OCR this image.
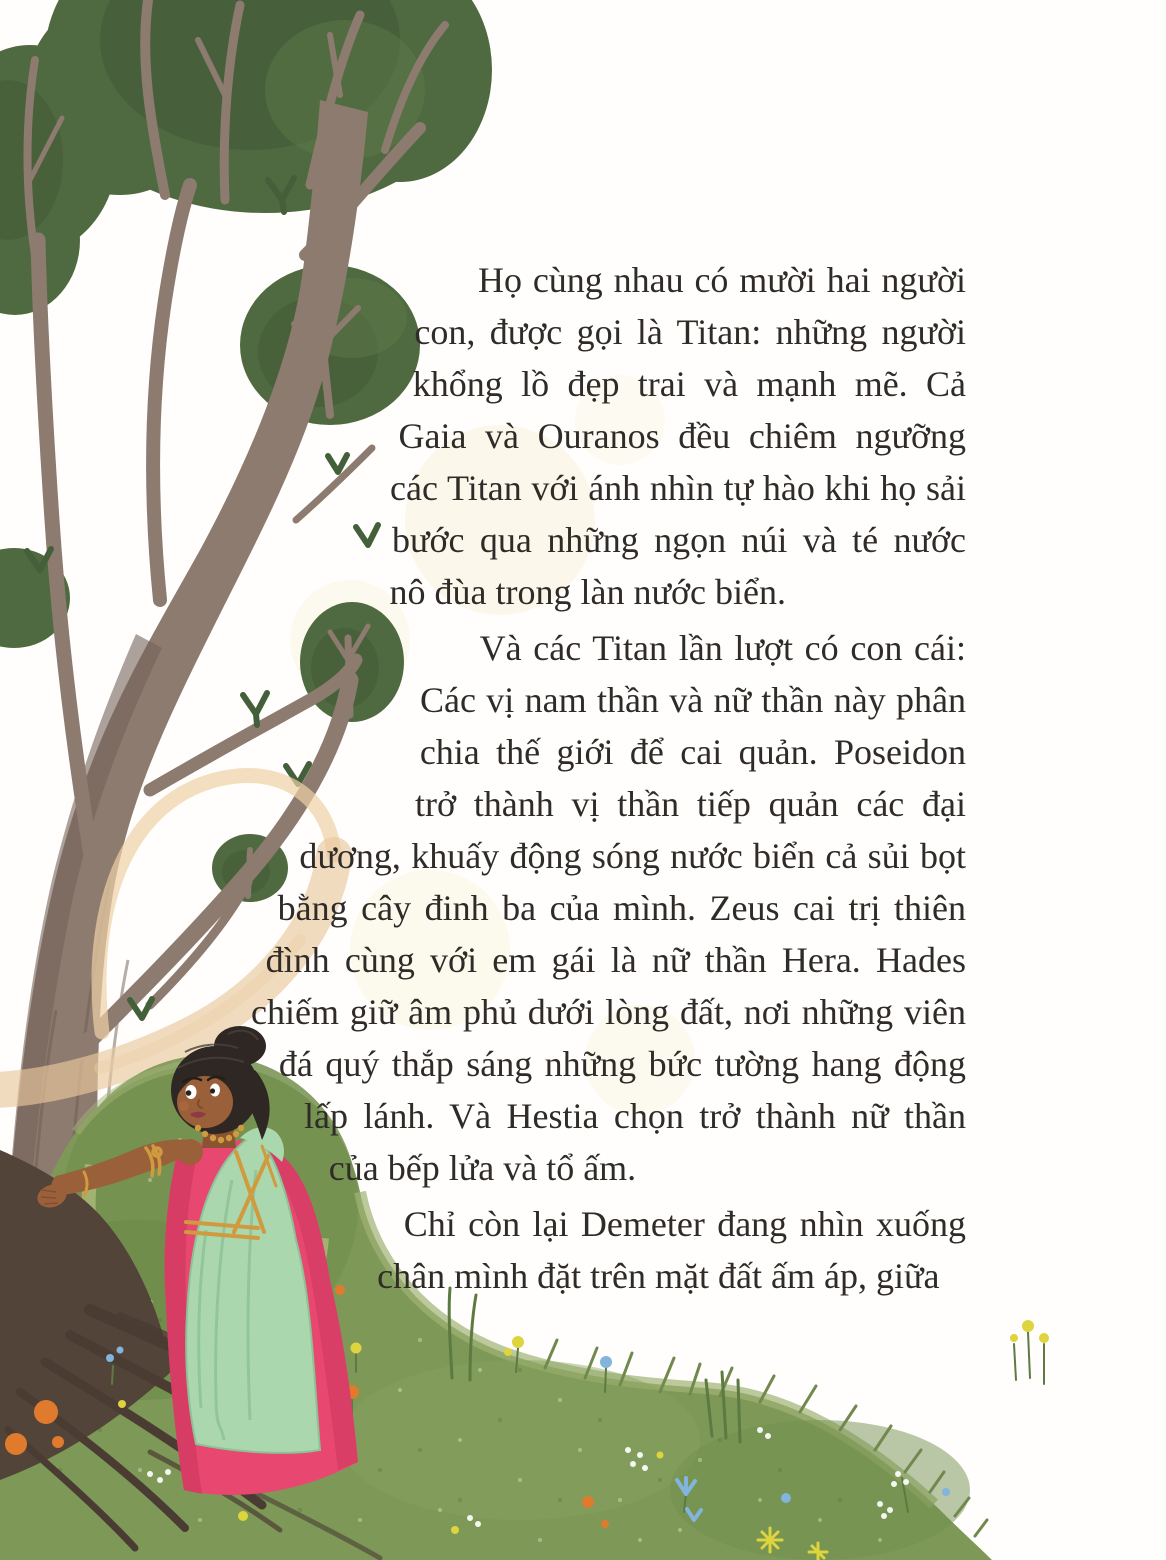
Họ cùng nhau có mười hai người con, được gọi là Titan: những người khổng lồ đẹp trai và mạnh mẽ. Cả Gaia và Ouranos đều chiêm ngưỡng các Titan với ánh nhìn tự hào khi họ sải bước qua những ngọn núi và té nước nô đùa trong làn nước biển.

Và các Titan lần lượt có con cái: Các vị nam thần và nữ thần này phân chia thế giới để cai quản. Poseidon trở thành vị thần tiếp quản các đại dương, khuấy động sóng nước biển cả sủi bọt bằng cây đinh ba của mình. Zeus cai trị thiên đình cùng với em gái là nữ thần Hera. Hades chiếm giữ âm phủ dưới lòng đất, nơi những viên đá quý thắp sáng những bức tường hang động lấp lánh. Và Hestia chọn trở thành nữ thần của bếp lửa và tổ ấm.

Chỉ còn lại Demeter đang nhìn xuống chân mình đặt trên mặt đất ấm áp, giữa
